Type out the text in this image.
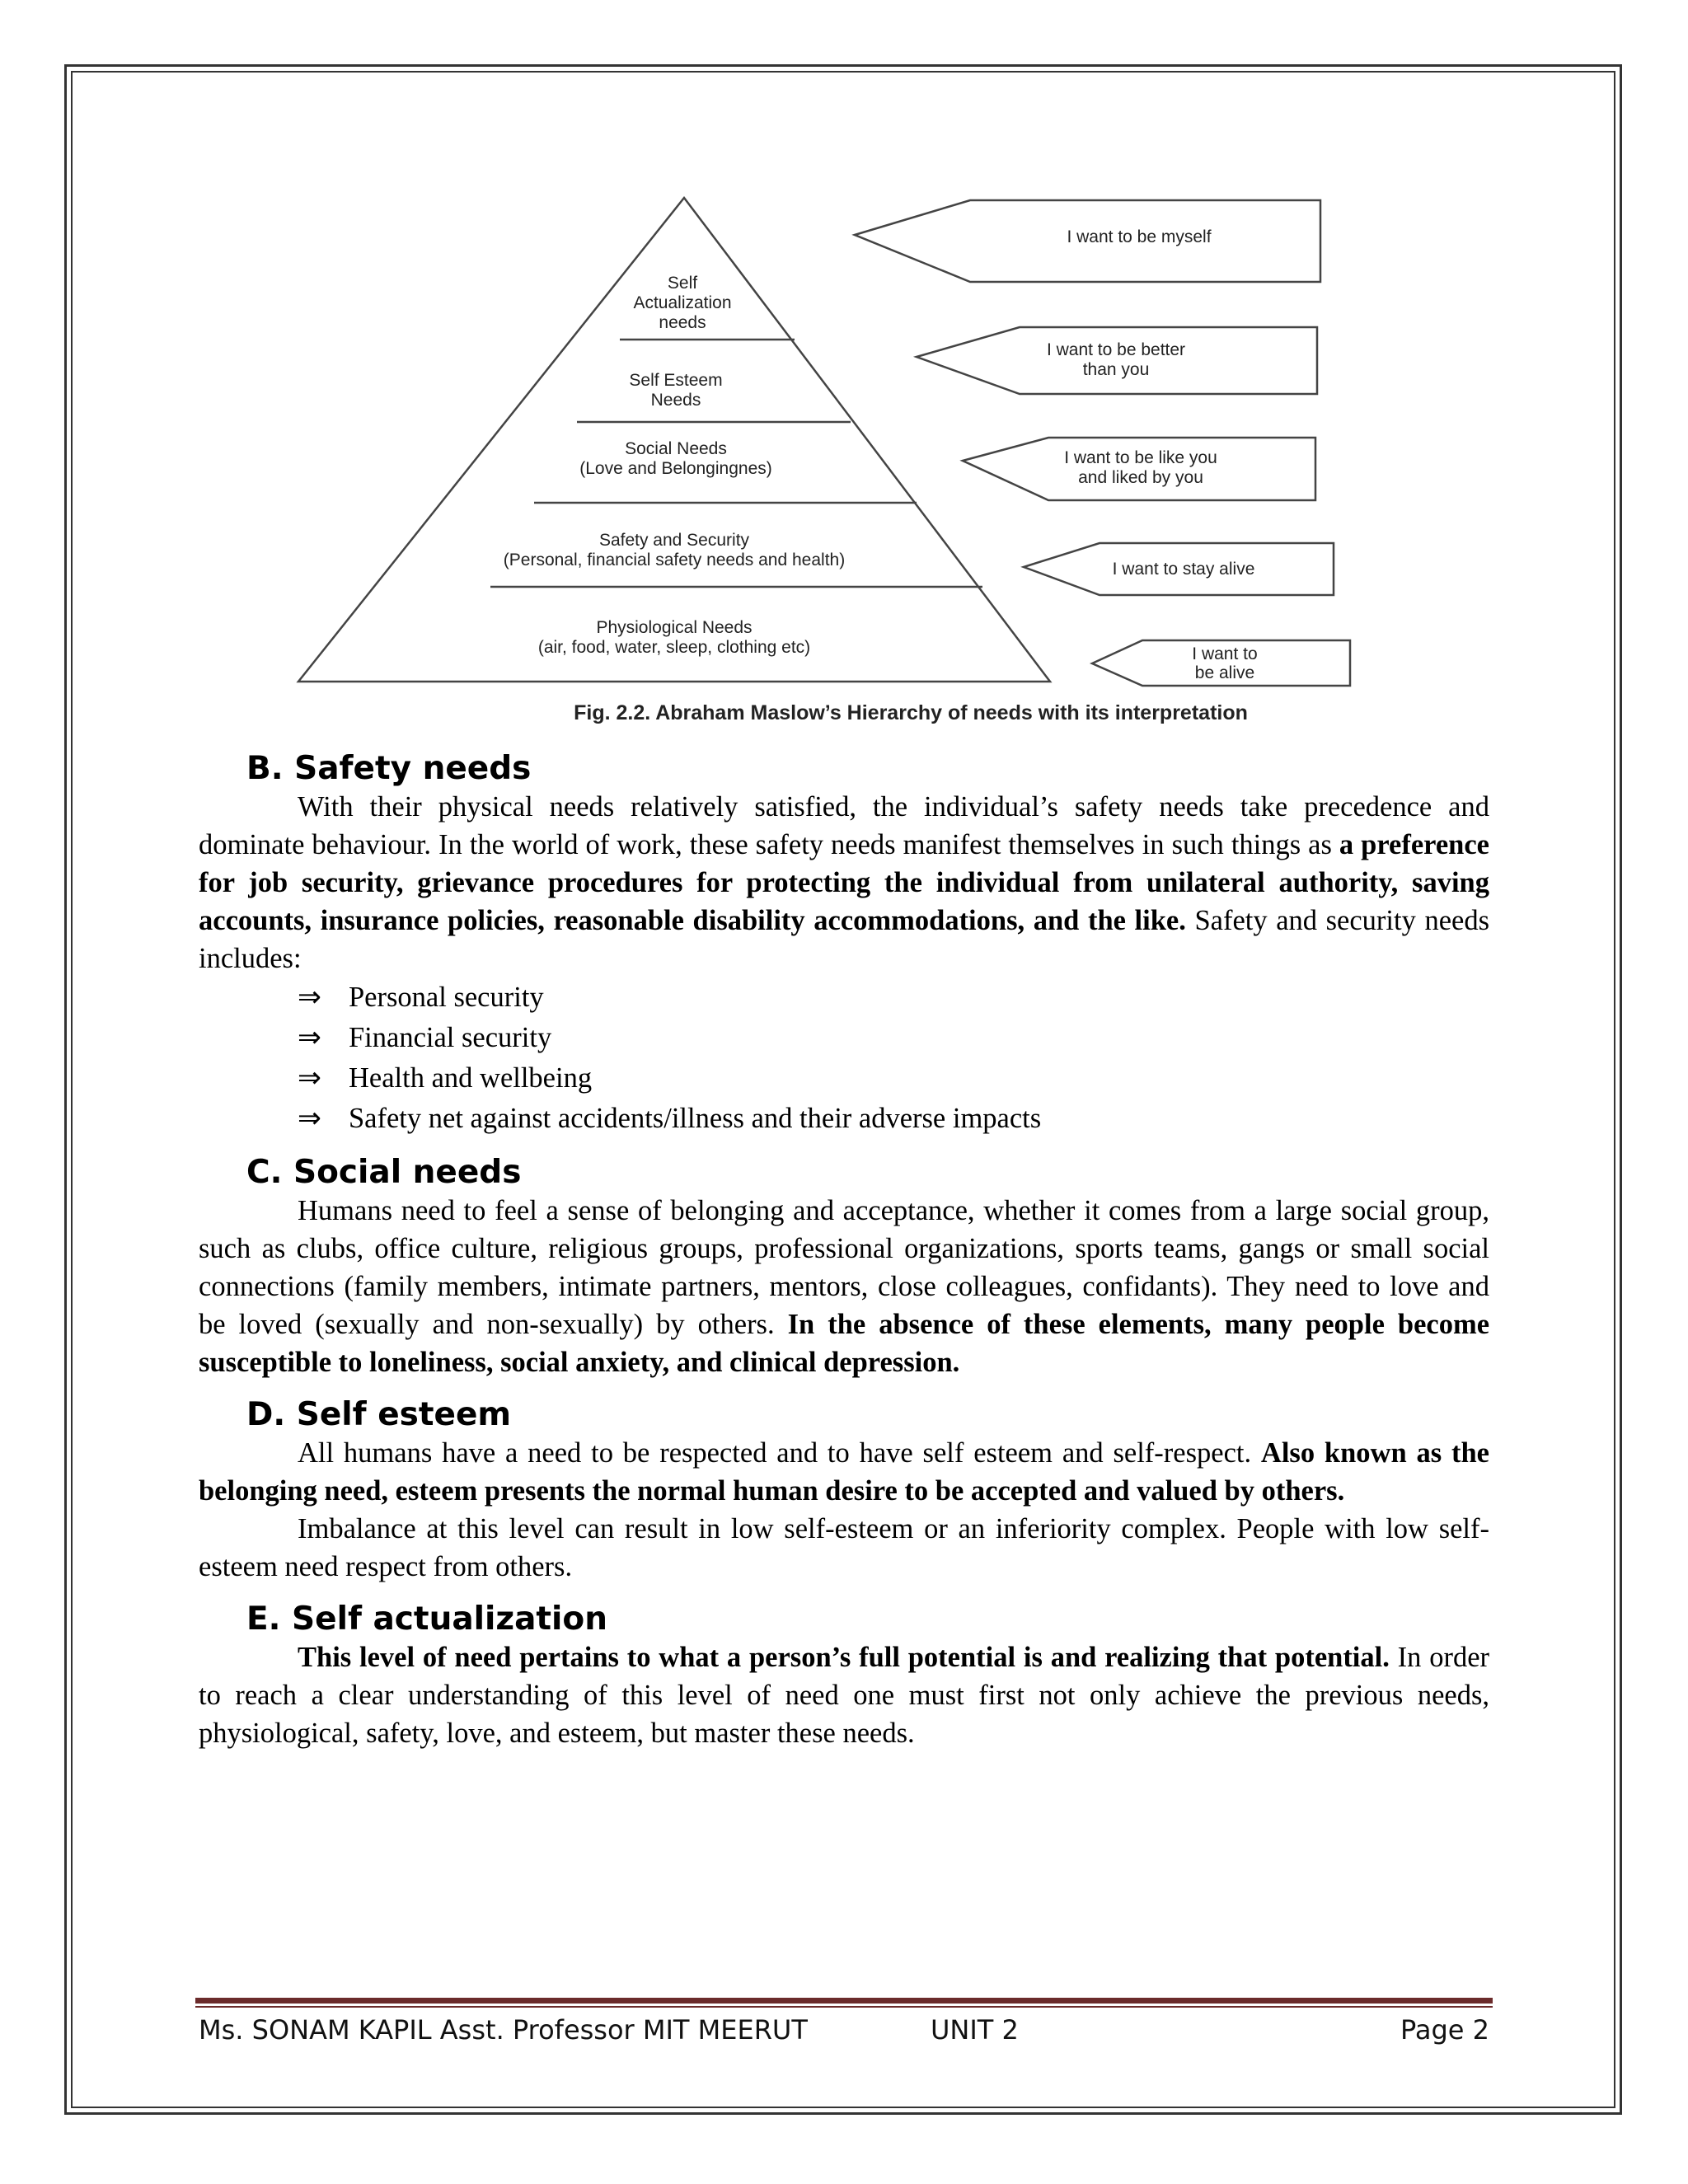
Self
Actualization
needs
Self Esteem
Needs
Social Needs
(Love and Belongingnes)
Safety and Security
(Personal, financial safety needs and health)
Physiological Needs
(air, food, water, sleep, clothing etc)
I want to be myself
I want to be better
than you
I want to be like you
and liked by you
I want to stay alive
I want to
be alive
Fig. 2.2. Abraham Maslow’s Hierarchy of needs with its interpretation
B. Safety needs

With their physical needs relatively satisfied, the individual’s safety needs take precedence and dominate behaviour. In the world of work, these safety needs manifest themselves in such things as a preference for job security, grievance procedures for protecting the individual from unilateral authority, saving accounts, insurance policies, reasonable disability accommodations, and the like. Safety and security needs includes:

⇒ Personal security
⇒ Financial security
⇒ Health and wellbeing
⇒ Safety net against accidents/illness and their adverse impacts
C. Social needs

Humans need to feel a sense of belonging and acceptance, whether it comes from a large social group, such as clubs, office culture, religious groups, professional organizations, sports teams, gangs or small social connections (family members, intimate partners, mentors, close colleagues, confidants). They need to love and be loved (sexually and non-sexually) by others. In the absence of these elements, many people become susceptible to loneliness, social anxiety, and clinical depression.

D. Self esteem

All humans have a need to be respected and to have self esteem and self-respect. Also known as the belonging need, esteem presents the normal human desire to be accepted and valued by others.

Imbalance at this level can result in low self-esteem or an inferiority complex. People with low self-esteem need respect from others.

E. Self actualization

This level of need pertains to what a person’s full potential is and realizing that potential. In order to reach a clear understanding of this level of need one must first not only achieve the previous needs, physiological, safety, love, and esteem, but master these needs.

Ms. SONAM KAPIL Asst. Professor MIT MEERUT	UNIT 2	Page 2
